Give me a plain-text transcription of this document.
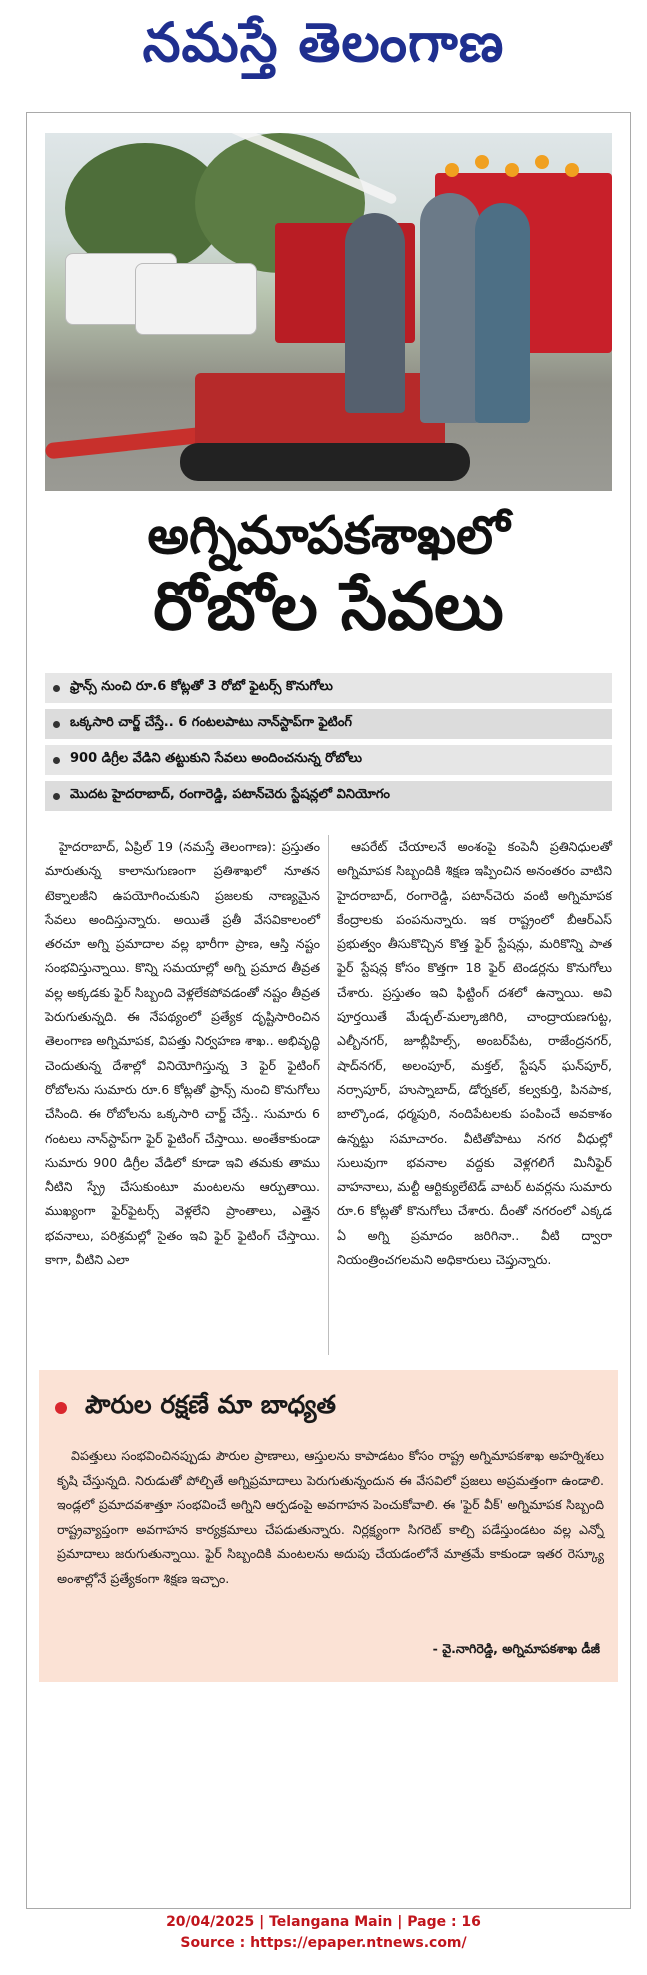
నమస్తే తెలంగాణ
అగ్నిమాపకశాఖలో
రోబోల సేవలు
ఫ్రాన్స్ నుంచి రూ.6 కోట్లతో 3 రోబో ఫైటర్స్ కొనుగోలు
ఒక్కసారి చార్జ్ చేస్తే.. 6 గంటలపాటు నాన్‌స్టాప్‌గా ఫైటింగ్
900 డిగ్రీల వేడిని తట్టుకుని సేవలు అందించనున్న రోబోలు
మొదట హైదరాబాద్, రంగారెడ్డి, పటాన్‌చెరు స్టేషన్లలో వినియోగం

హైదరాబాద్, ఏప్రిల్ 19 (నమస్తే తెలంగాణ): ప్రస్తుతం మారుతున్న కాలానుగుణంగా ప్రతిశాఖలో నూతన టెక్నాలజీని ఉపయోగించుకుని ప్రజలకు నాణ్యమైన సేవలు అందిస్తున్నారు. అయితే ప్రతీ వేసవికాలంలో తరచూ అగ్ని ప్రమాదాల వల్ల భారీగా ప్రాణ, ఆస్తి నష్టం సంభవిస్తున్నాయి. కొన్ని సమయాల్లో అగ్ని ప్రమాద తీవ్రత వల్ల అక్కడకు ఫైర్ సిబ్బంది వెళ్లలేకపోవడంతో నష్టం తీవ్రత పెరుగుతున్నది. ఈ నేపథ్యంలో ప్రత్యేక దృష్టిసారించిన తెలంగాణ అగ్నిమాపక, విపత్తు నిర్వహణ శాఖ.. అభివృద్ధి చెందుతున్న దేశాల్లో వినియోగిస్తున్న 3 ఫైర్ ఫైటింగ్ రోబోలను సుమారు రూ.6 కోట్లతో ఫ్రాన్స్ నుంచి కొనుగోలు చేసింది. ఈ రోబోలను ఒక్కసారి చార్జ్ చేస్తే.. సుమారు 6 గంటలు నాన్‌స్టాప్‌గా ఫైర్ ఫైటింగ్ చేస్తాయి. అంతేకాకుండా సుమారు 900 డిగ్రీల వేడిలో కూడా ఇవి తమకు తాము నీటిని స్ప్రే చేసుకుంటూ మంటలను ఆర్పుతాయి. ముఖ్యంగా ఫైర్‌ఫైటర్స్ వెళ్లలేని ప్రాంతాలు, ఎత్తైన భవనాలు, పరిశ్రమల్లో సైతం ఇవి ఫైర్ ఫైటింగ్ చేస్తాయి. కాగా, వీటిని ఎలా

ఆపరేట్ చేయాలనే అంశంపై కంపెనీ ప్రతినిధులతో అగ్నిమాపక సిబ్బందికి శిక్షణ ఇప్పించిన అనంతరం వాటిని హైదరాబాద్, రంగారెడ్డి, పటాన్‌చెరు వంటి అగ్నిమాపక కేంద్రాలకు పంపనున్నారు. ఇక రాష్ట్రంలో బీఆర్‌ఎస్ ప్రభుత్వం తీసుకొచ్చిన కొత్త ఫైర్ స్టేషన్లు, మరికొన్ని పాత ఫైర్ స్టేషన్ల కోసం కొత్తగా 18 ఫైర్ టెండర్లను కొనుగోలు చేశారు. ప్రస్తుతం ఇవి ఫిట్టింగ్ దశలో ఉన్నాయి. అవి పూర్తయితే మేడ్చల్-మల్కాజిగిరి, చాంద్రాయణగుట్ట, ఎల్బీనగర్, జూబ్లీహిల్స్, అంబర్‌పేట, రాజేంద్రనగర్, షాద్‌నగర్, అలంపూర్, మక్తల్, స్టేషన్ ఘన్‌పూర్, నర్సాపూర్, హుస్నాబాద్, డోర్నకల్, కల్వకుర్తి, పినపాక, బాల్కొండ, ధర్మపురి, నందిపేటలకు పంపించే అవకాశం ఉన్నట్టు సమాచారం. వీటితోపాటు నగర వీధుల్లో సులువుగా భవనాల వద్దకు వెళ్లగలిగే మినీఫైర్ వాహనాలు, మల్టీ ఆర్టిక్యులేటెడ్ వాటర్ టవర్లను సుమారు రూ.6 కోట్లతో కొనుగోలు చేశారు. దీంతో నగరంలో ఎక్కడ ఏ అగ్ని ప్రమాదం జరిగినా.. వీటి ద్వారా నియంత్రించగలమని అధికారులు చెప్తున్నారు.

పౌరుల రక్షణే మా బాధ్యత

విపత్తులు సంభవించినప్పుడు పౌరుల ప్రాణాలు, ఆస్తులను కాపాడటం కోసం రాష్ట్ర అగ్నిమాపకశాఖ అహర్నిశలు కృషి చేస్తున్నది. నిరుడుతో పోల్చితే అగ్నిప్రమాదాలు పెరుగుతున్నందున ఈ వేసవిలో ప్రజలు అప్రమత్తంగా ఉండాలి. ఇండ్లలో ప్రమాదవశాత్తూ సంభవించే అగ్నిని ఆర్పడంపై అవగాహన పెంచుకోవాలి. ఈ 'ఫైర్ వీక్' అగ్నిమాపక సిబ్బంది రాష్ట్రవ్యాప్తంగా అవగాహన కార్యక్రమాలు చేపడుతున్నారు. నిర్లక్ష్యంగా సిగరెట్ కాల్చి పడేస్తుండటం వల్ల ఎన్నో ప్రమాదాలు జరుగుతున్నాయి. ఫైర్ సిబ్బందికి మంటలను అదుపు చేయడంలోనే మాత్రమే కాకుండా ఇతర రెస్క్యూ అంశాల్లోనే ప్రత్యేకంగా శిక్షణ ఇచ్చాం.

- వై.నాగిరెడ్డి, అగ్నిమాపకశాఖ డీజీ
20/04/2025 | Telangana Main | Page : 16
Source : https://epaper.ntnews.com/
